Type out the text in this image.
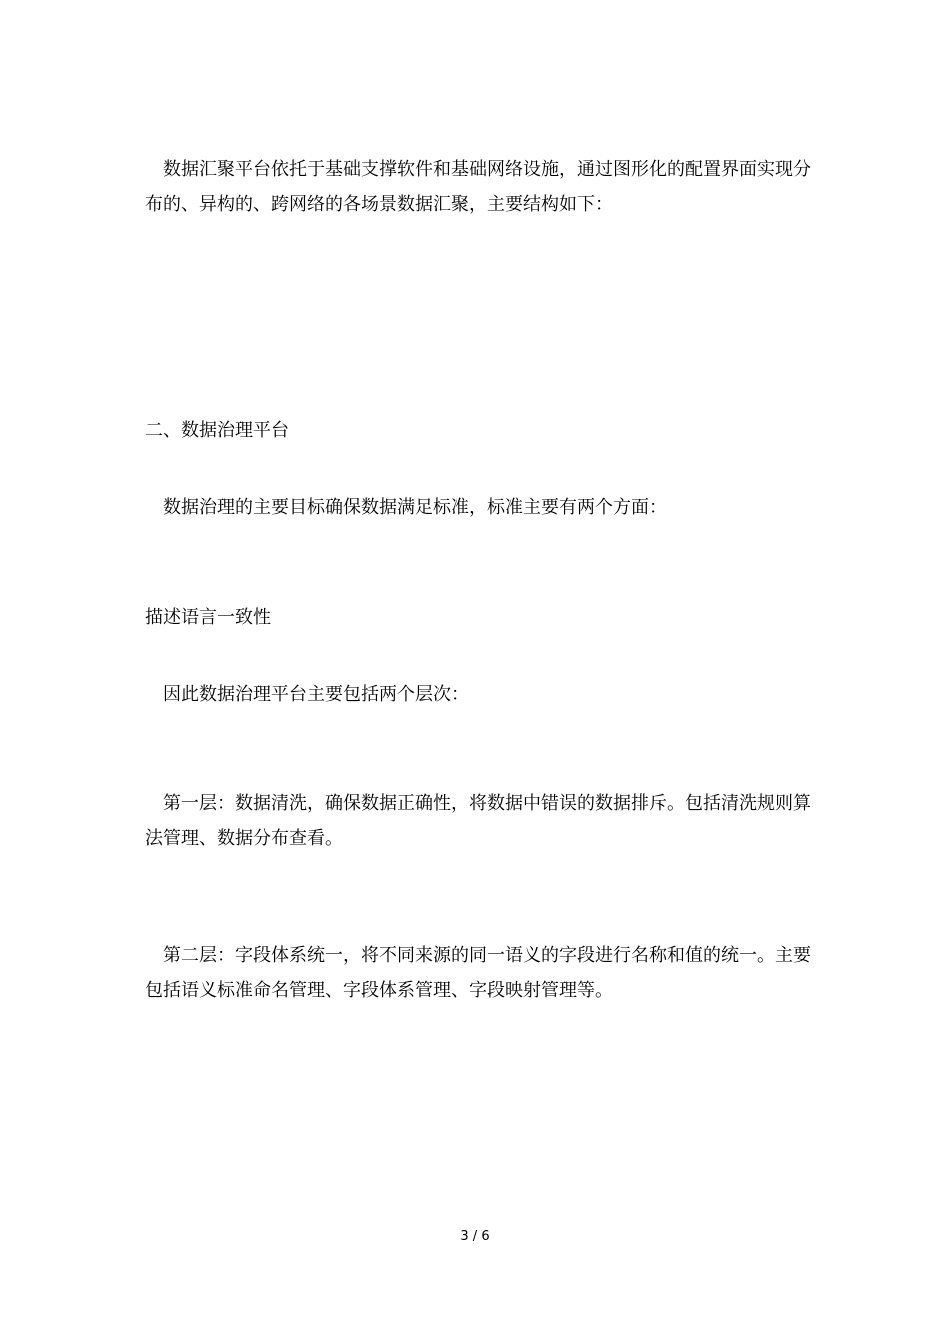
数据汇聚平台依托于基础支撑软件和基础网络设施，通过图形化的配置界面实现分布的、异构的、跨网络的各场景数据汇聚，主要结构如下：

二、数据治理平台

数据治理的主要目标确保数据满足标准，标准主要有两个方面：

描述语言一致性

因此数据治理平台主要包括两个层次：

第一层：数据清洗，确保数据正确性，将数据中错误的数据排斥。包括清洗规则算法管理、数据分布查看。

第二层：字段体系统一，将不同来源的同一语义的字段进行名称和值的统一。主要包括语义标准命名管理、字段体系管理、字段映射管理等。

3 / 6
